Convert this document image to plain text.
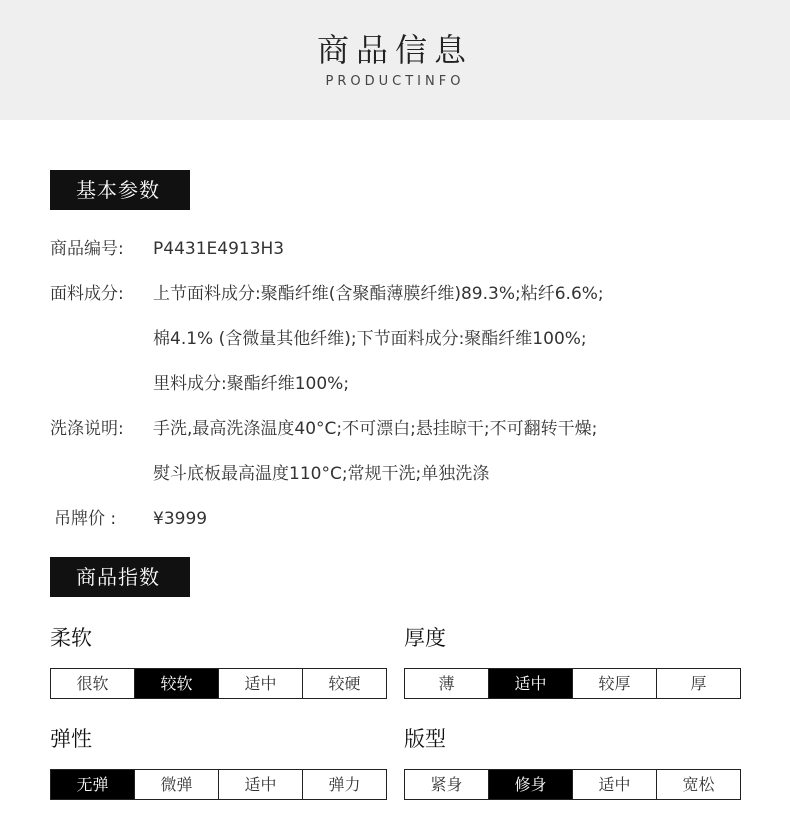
商品信息
PRODUCTINFO
基本参数
商品编号: P4431E4913H3
面料成分: 上节面料成分:聚酯纤维(含聚酯薄膜纤维)89.3%;粘纤6.6%;
棉4.1% (含微量其他纤维);下节面料成分:聚酯纤维100%;
里料成分:聚酯纤维100%;
洗涤说明: 手洗,最高洗涤温度40°C;不可漂白;悬挂晾干;不可翻转干燥;
熨斗底板最高温度110°C;常规干洗;单独洗涤
吊牌价 : ¥3999
商品指数
柔软
很软	较软	适中	较硬
厚度
薄	适中	较厚	厚
弹性
无弹	微弹	适中	弹力
版型
紧身	修身	适中	宽松
